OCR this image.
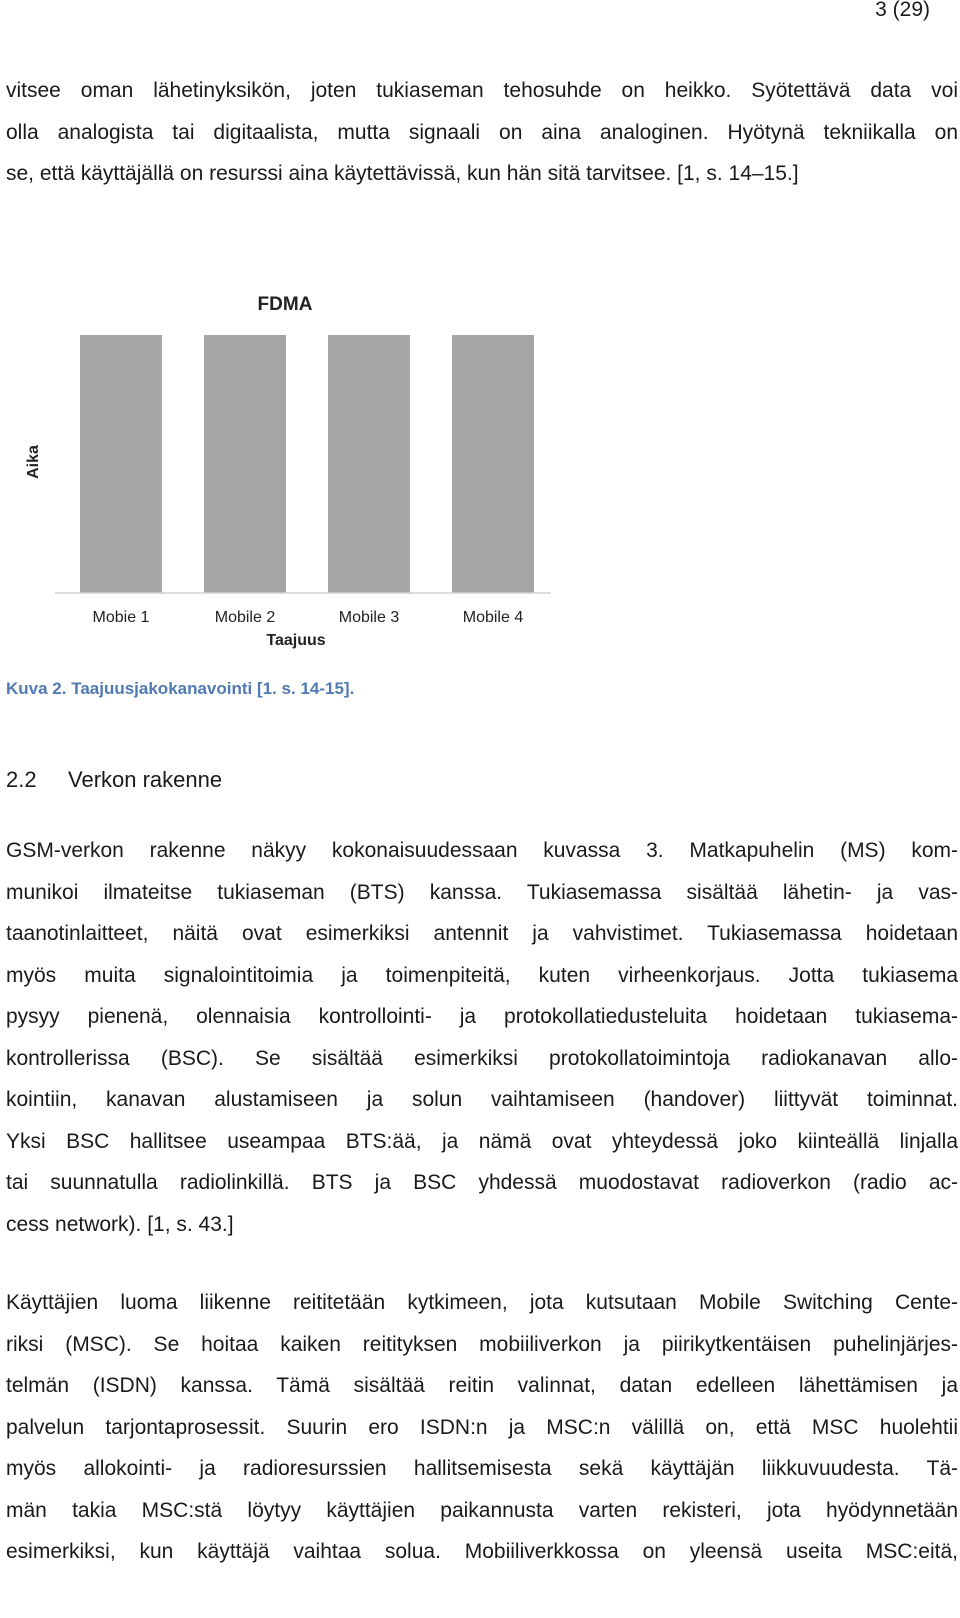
3 (29)
vitsee oman lähetinyksikön, joten tukiaseman tehosuhde on heikko. Syötettävä data voi
olla analogista tai digitaalista, mutta signaali on aina analoginen. Hyötynä tekniikalla on
se, että käyttäjällä on resurssi aina käytettävissä, kun hän sitä tarvitsee. [1, s. 14–15.]
FDMA
Aika
Mobie 1	Mobile 2	Mobile 3	Mobile 4
Taajuus
Kuva 2. Taajuusjakokanavointi [1. s. 14-15].
2.2 Verkon rakenne
GSM-verkon rakenne näkyy kokonaisuudessaan kuvassa 3. Matkapuhelin (MS) kom-
munikoi ilmateitse tukiaseman (BTS) kanssa. Tukiasemassa sisältää lähetin- ja vas-
taanotinlaitteet, näitä ovat esimerkiksi antennit ja vahvistimet. Tukiasemassa hoidetaan
myös muita signalointitoimia ja toimenpiteitä, kuten virheenkorjaus. Jotta tukiasema
pysyy pienenä, olennaisia kontrollointi- ja protokollatiedusteluita hoidetaan tukiasema-
kontrollerissa (BSC). Se sisältää esimerkiksi protokollatoimintoja radiokanavan allo-
kointiin, kanavan alustamiseen ja solun vaihtamiseen (handover) liittyvät toiminnat.
Yksi BSC hallitsee useampaa BTS:ää, ja nämä ovat yhteydessä joko kiinteällä linjalla
tai suunnatulla radiolinkillä. BTS ja BSC yhdessä muodostavat radioverkon (radio ac-
cess network). [1, s. 43.]
Käyttäjien luoma liikenne reititetään kytkimeen, jota kutsutaan Mobile Switching Cente-
riksi (MSC). Se hoitaa kaiken reitityksen mobiiliverkon ja piirikytkentäisen puhelinjärjes-
telmän (ISDN) kanssa. Tämä sisältää reitin valinnat, datan edelleen lähettämisen ja
palvelun tarjontaprosessit. Suurin ero ISDN:n ja MSC:n välillä on, että MSC huolehtii
myös allokointi- ja radioresurssien hallitsemisesta sekä käyttäjän liikkuvuudesta. Tä-
män takia MSC:stä löytyy käyttäjien paikannusta varten rekisteri, jota hyödynnetään
esimerkiksi, kun käyttäjä vaihtaa solua. Mobiiliverkkossa on yleensä useita MSC:eitä,
